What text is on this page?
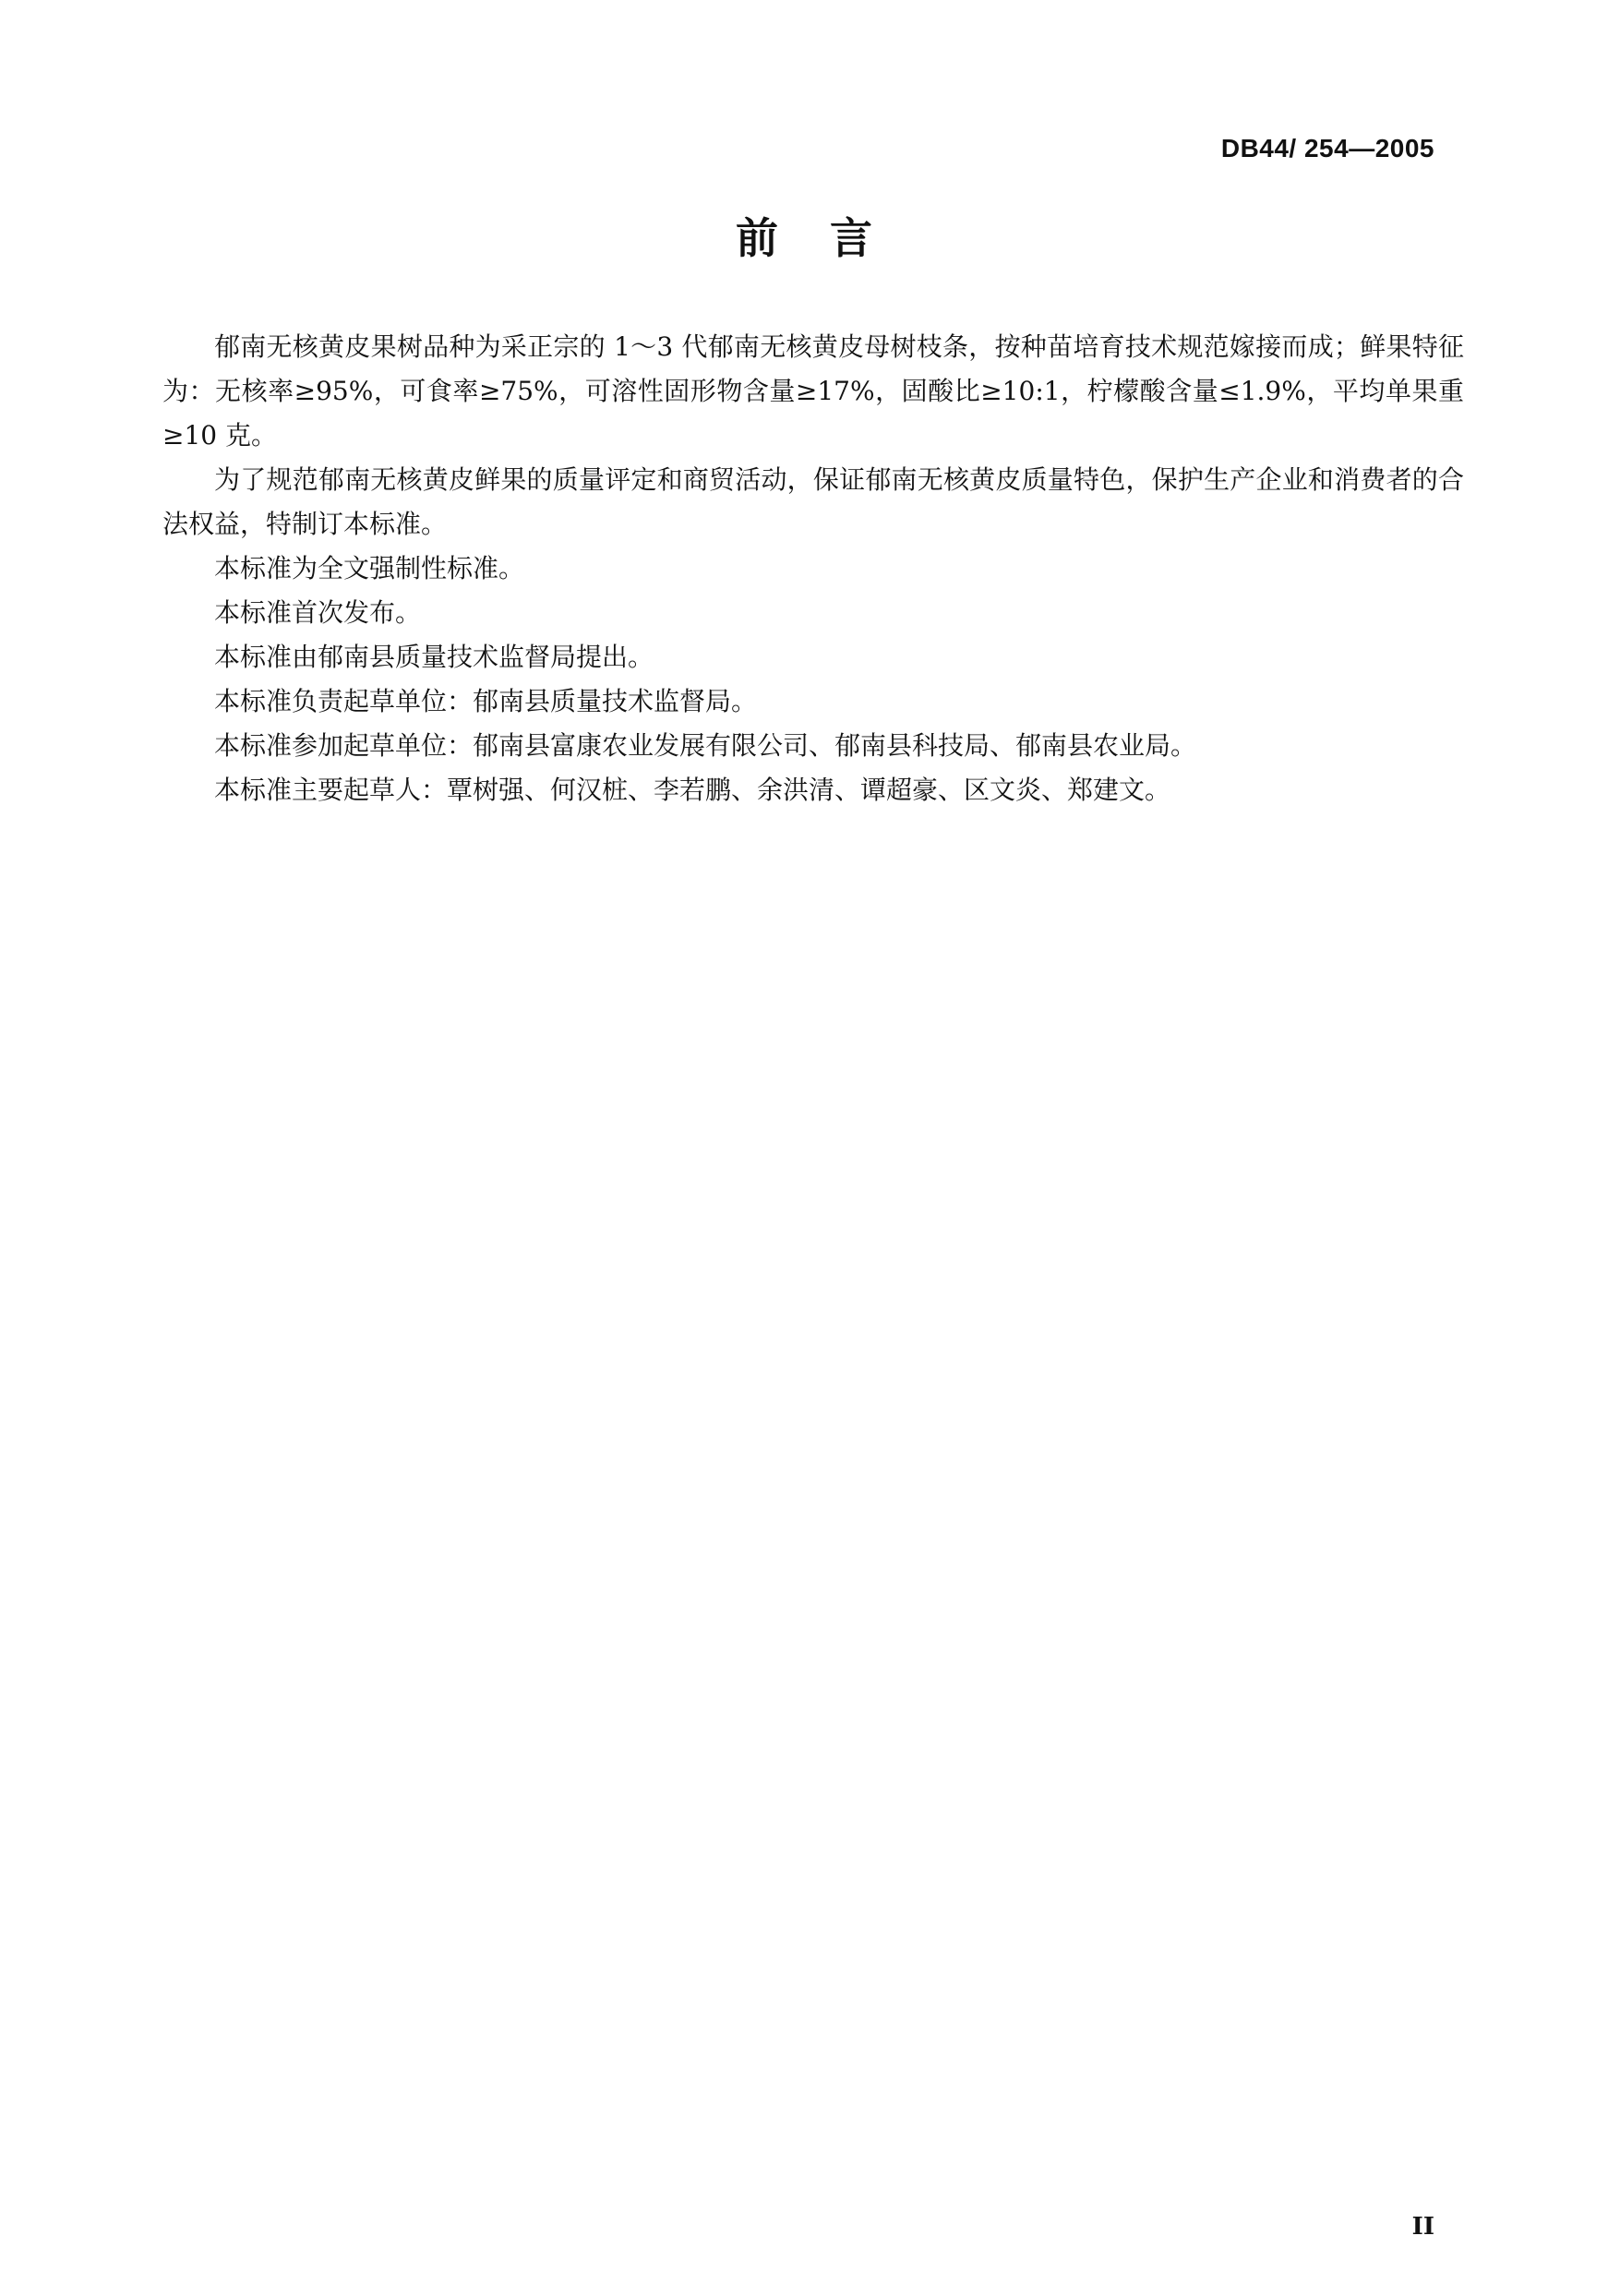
DB44/ 254—2005
前言

郁南无核黄皮果树品种为采正宗的 1～3 代郁南无核黄皮母树枝条，按种苗培育技术规范嫁接而成；鲜果特征为：无核率≥95%，可食率≥75%，可溶性固形物含量≥17%，固酸比≥10:1，柠檬酸含量≤1.9%，平均单果重≥10 克。

为了规范郁南无核黄皮鲜果的质量评定和商贸活动，保证郁南无核黄皮质量特色，保护生产企业和消费者的合法权益，特制订本标准。

本标准为全文强制性标准。

本标准首次发布。

本标准由郁南县质量技术监督局提出。

本标准负责起草单位：郁南县质量技术监督局。

本标准参加起草单位：郁南县富康农业发展有限公司、郁南县科技局、郁南县农业局。

本标准主要起草人：覃树强、何汉桩、李若鹏、余洪清、谭超豪、区文炎、郑建文。

II
